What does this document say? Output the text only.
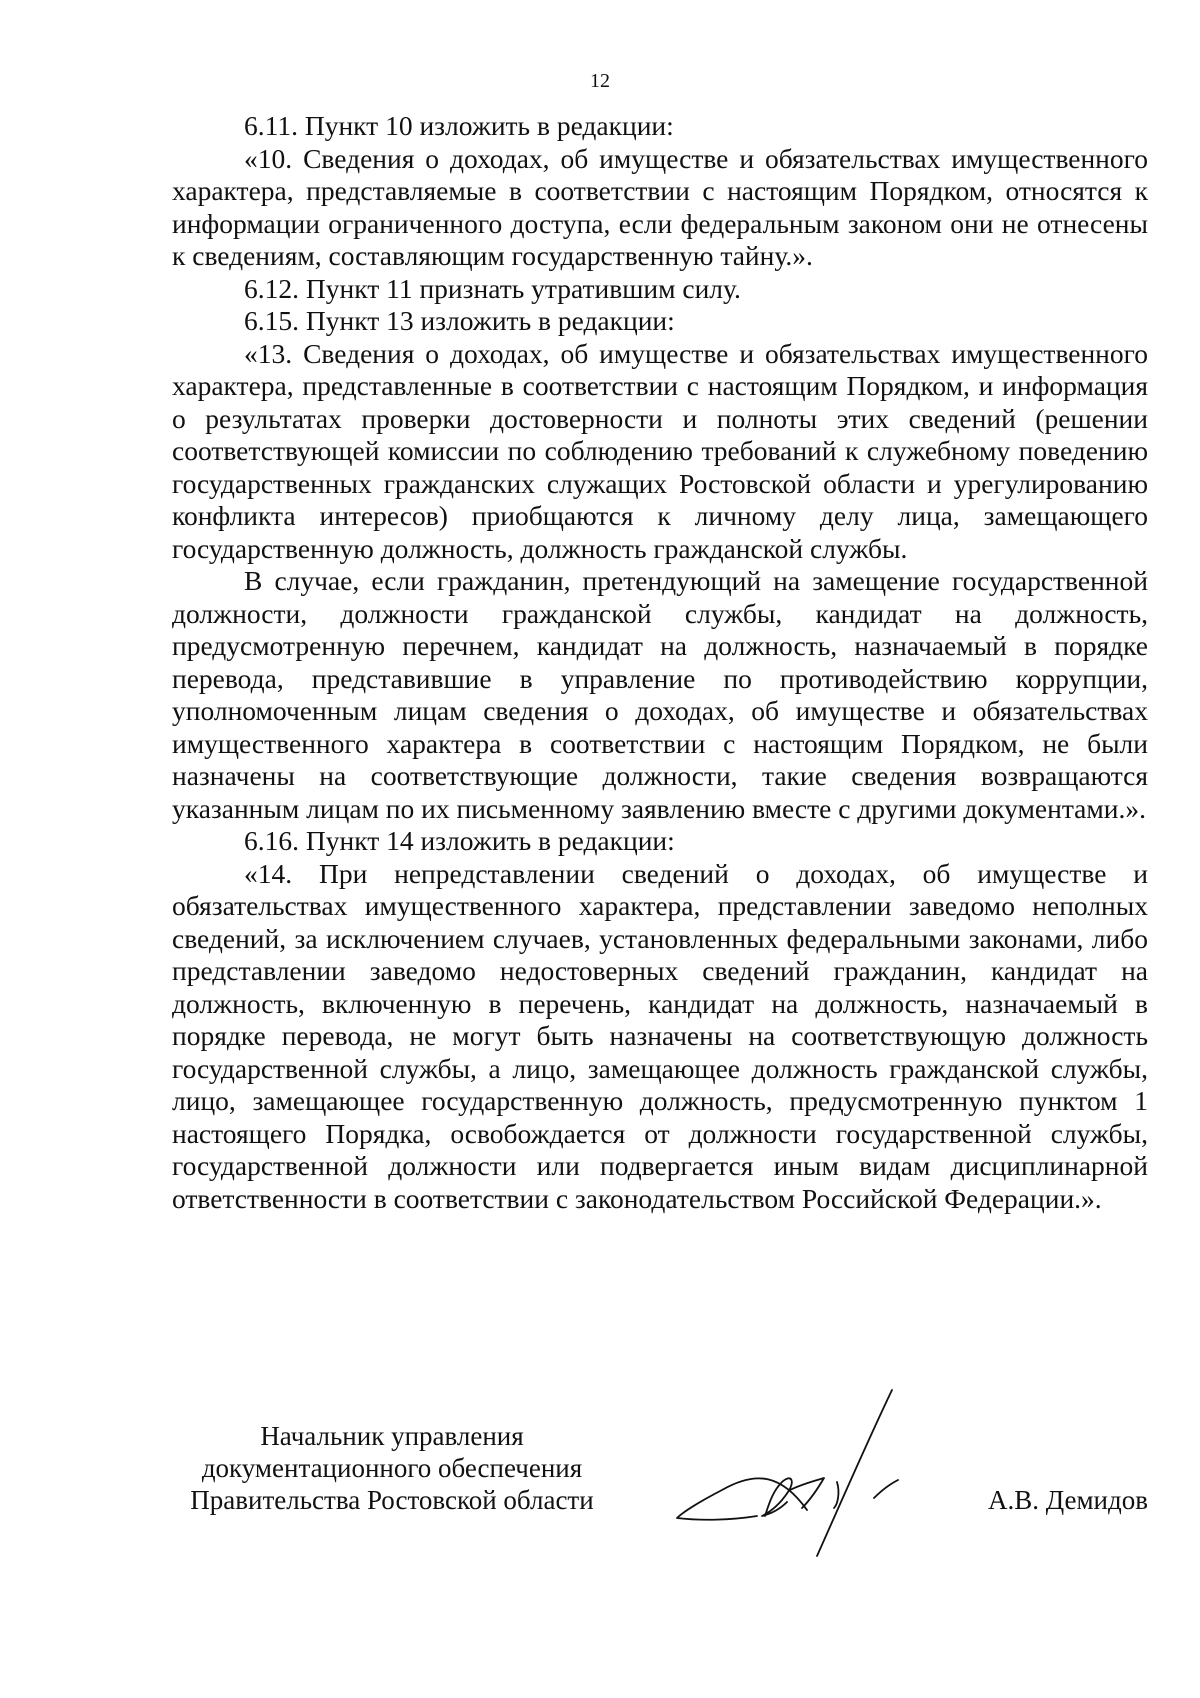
12

6.11. Пункт 10 изложить в редакции:

«10. Сведения о доходах, об имуществе и обязательствах имущественного характера, представляемые в соответствии с настоящим Порядком, относятся к информации ограниченного доступа, если федеральным законом они не отнесены к сведениям, составляющим государственную тайну.».

6.12. Пункт 11 признать утратившим силу.

6.15. Пункт 13 изложить в редакции:

«13. Сведения о доходах, об имуществе и обязательствах имущественного характера, представленные в соответствии с настоящим Порядком, и информация о результатах проверки достоверности и полноты этих сведений (решении соответствующей комиссии по соблюдению требований к служебному поведению государственных гражданских служащих Ростовской области и урегулированию конфликта интересов) приобщаются к личному делу лица, замещающего государственную должность, должность гражданской службы.

В случае, если гражданин, претендующий на замещение государственной должности, должности гражданской службы, кандидат на должность, предусмотренную перечнем, кандидат на должность, назначаемый в порядке перевода, представившие в управление по противодействию коррупции, уполномоченным лицам сведения о доходах, об имуществе и обязательствах имущественного характера в соответствии с настоящим Порядком, не были назначены на соответствующие должности, такие сведения возвращаются указанным лицам по их письменному заявлению вместе с другими документами.».

6.16. Пункт 14 изложить в редакции:

«14. При непредставлении сведений о доходах, об имуществе и обязательствах имущественного характера, представлении заведомо неполных сведений, за исключением случаев, установленных федеральными законами, либо представлении заведомо недостоверных сведений гражданин, кандидат на должность, включенную в перечень, кандидат на должность, назначаемый в порядке перевода, не могут быть назначены на соответствующую должность государственной службы, а лицо, замещающее должность гражданской службы, лицо, замещающее государственную должность, предусмотренную пунктом 1 настоящего Порядка, освобождается от должности государственной службы, государственной должности или подвергается иным видам дисциплинарной ответственности в соответствии с законодательством Российской Федерации.».

Начальник управления
документационного обеспечения
Правительства Ростовской области	А.В. Демидов
